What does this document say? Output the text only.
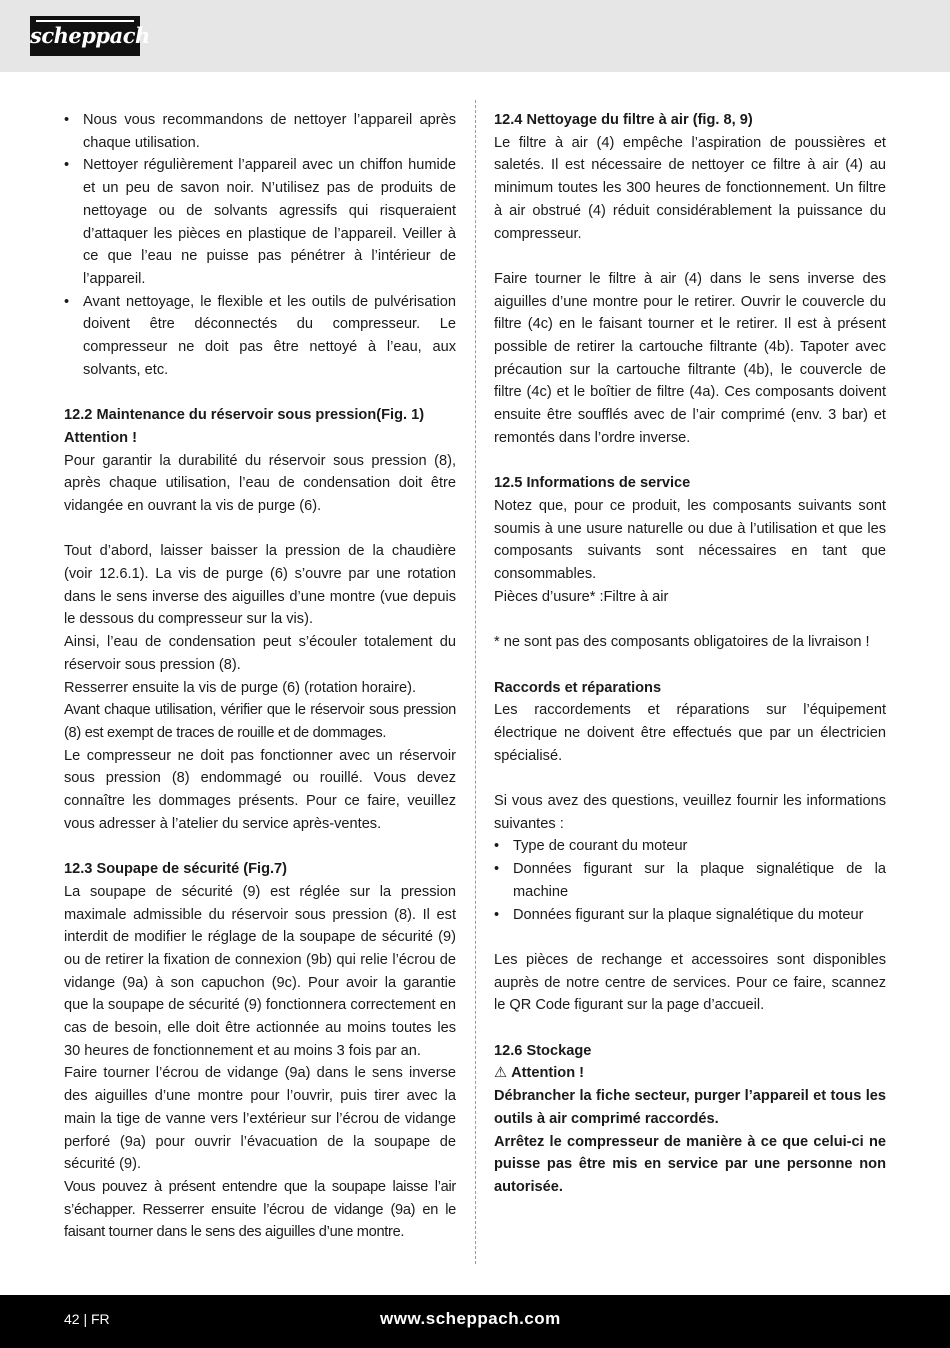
scheppach
• Nous vous recommandons de nettoyer l’appareil après chaque utilisation.
• Nettoyer régulièrement l’appareil avec un chiffon humide et un peu de savon noir. N’utilisez pas de produits de nettoyage ou de solvants agressifs qui risqueraient d’attaquer les pièces en plastique de l’appareil. Veiller à ce que l’eau ne puisse pas pénétrer à l’intérieur de l’appareil.
• Avant nettoyage, le flexible et les outils de pulvérisation doivent être déconnectés du compresseur. Le compresseur ne doit pas être nettoyé à l’eau, aux solvants, etc.

12.2 Maintenance du réservoir sous pression(Fig. 1)

Attention !

Pour garantir la durabilité du réservoir sous pression (8), après chaque utilisation, l’eau de condensation doit être vidangée en ouvrant la vis de purge (6).

Tout d’abord, laisser baisser la pression de la chaudière (voir 12.6.1). La vis de purge (6) s’ouvre par une rotation dans le sens inverse des aiguilles d’une montre (vue depuis le dessous du compresseur sur la vis).

Ainsi, l’eau de condensation peut s’écouler totalement du réservoir sous pression (8).

Resserrer ensuite la vis de purge (6) (rotation horaire).

Avant chaque utilisation, vérifier que le réservoir sous pression (8) est exempt de traces de rouille et de dommages.

Le compresseur ne doit pas fonctionner avec un réservoir sous pression (8) endommagé ou rouillé. Vous devez connaître les dommages présents. Pour ce faire, veuillez vous adresser à l’atelier du service après-ventes.

12.3 Soupape de sécurité (Fig.7)

La soupape de sécurité (9) est réglée sur la pression maximale admissible du réservoir sous pression (8). Il est interdit de modifier le réglage de la soupape de sécurité (9) ou de retirer la fixation de connexion (9b) qui relie l’écrou de vidange (9a) à son capuchon (9c). Pour avoir la garantie que la soupape de sécurité (9) fonctionnera correctement en cas de besoin, elle doit être actionnée au moins toutes les 30 heures de fonctionnement et au moins 3 fois par an.

Faire tourner l’écrou de vidange (9a) dans le sens inverse des aiguilles d’une montre pour l’ouvrir, puis tirer avec la main la tige de vanne vers l’extérieur sur l’écrou de vidange perforé (9a) pour ouvrir l’évacuation de la soupape de sécurité (9).

Vous pouvez à présent entendre que la soupape laisse l’air s’échapper. Resserrer ensuite l’écrou de vidange (9a) en le faisant tourner dans le sens des aiguilles d’une montre.

12.4 Nettoyage du filtre à air (fig. 8, 9)

Le filtre à air (4) empêche l’aspiration de poussières et saletés. Il est nécessaire de nettoyer ce filtre à air (4) au minimum toutes les 300 heures de fonctionnement. Un filtre à air obstrué (4) réduit considérablement la puissance du compresseur.

Faire tourner le filtre à air (4) dans le sens inverse des aiguilles d’une montre pour le retirer. Ouvrir le couvercle du filtre (4c) en le faisant tourner et le retirer. Il est à présent possible de retirer la cartouche filtrante (4b). Tapoter avec précaution sur la cartouche filtrante (4b), le couvercle de filtre (4c) et le boîtier de filtre (4a). Ces composants doivent ensuite être soufflés avec de l’air comprimé (env. 3 bar) et remontés dans l’ordre inverse.

12.5 Informations de service

Notez que, pour ce produit, les composants suivants sont soumis à une usure naturelle ou due à l’utilisation et que les composants suivants sont nécessaires en tant que consommables.

Pièces d’usure* :Filtre à air

* ne sont pas des composants obligatoires de la livraison !

Raccords et réparations

Les raccordements et réparations sur l’équipement électrique ne doivent être effectués que par un électricien spécialisé.

Si vous avez des questions, veuillez fournir les informations suivantes :

• Type de courant du moteur
• Données figurant sur la plaque signalétique de la machine
• Données figurant sur la plaque signalétique du moteur

Les pièces de rechange et accessoires sont disponibles auprès de notre centre de services. Pour ce faire, scannez le QR Code figurant sur la page d’accueil.

12.6 Stockage

⚠ Attention !

Débrancher la fiche secteur, purger l’appareil et tous les outils à air comprimé raccordés.

Arrêtez le compresseur de manière à ce que celui-ci ne puisse pas être mis en service par une personne non autorisée.

42 | FR	www.scheppach.com
